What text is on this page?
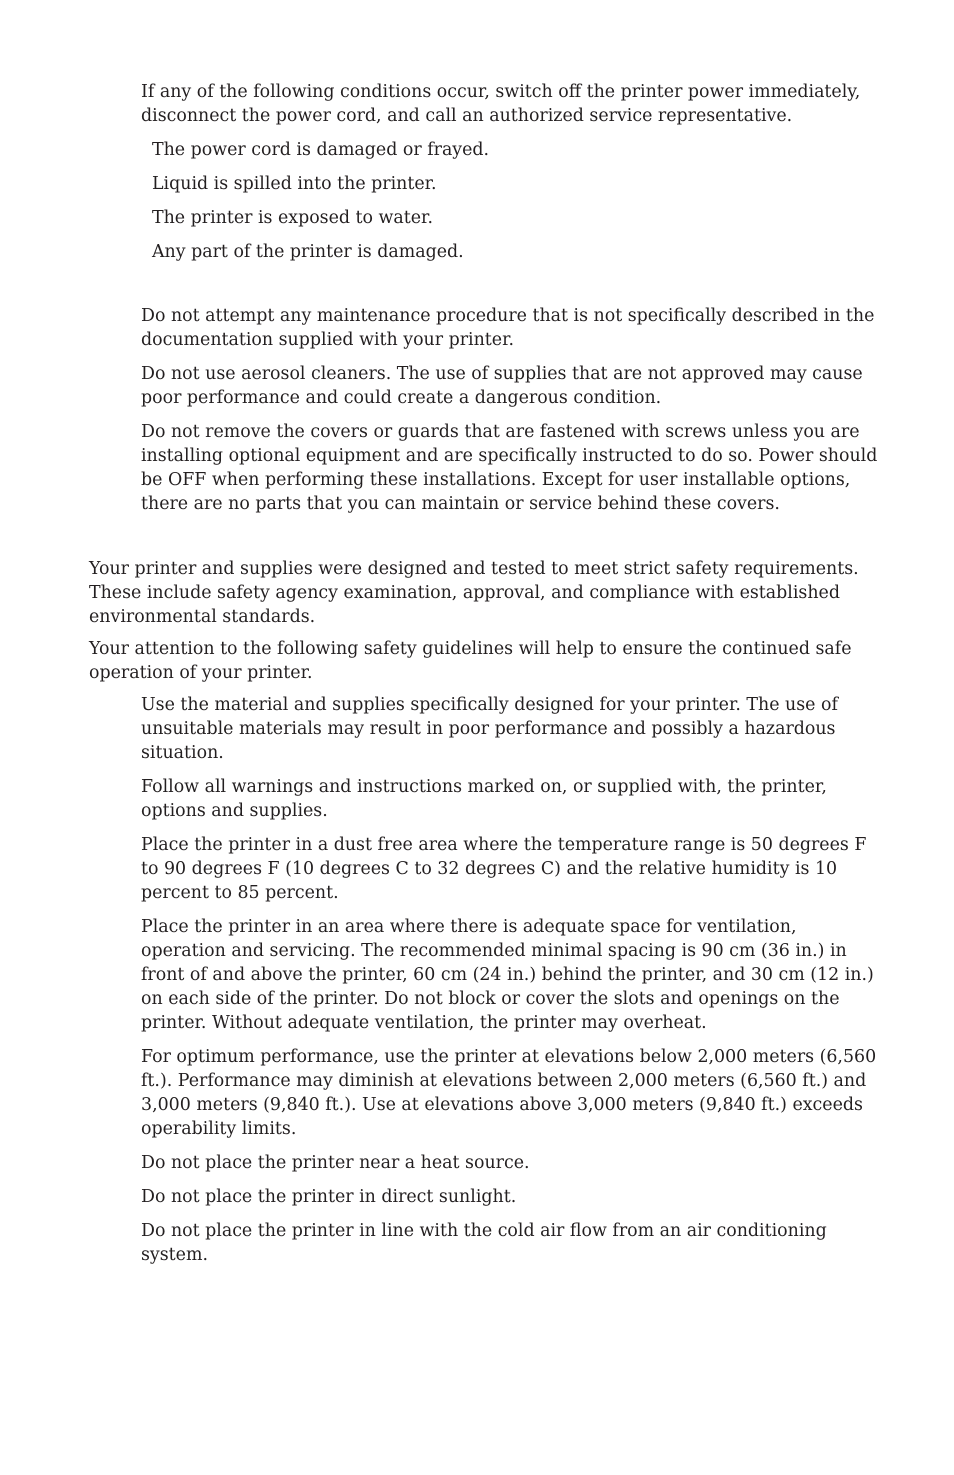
If any of the following conditions occur, switch off the printer power immediately, disconnect the power cord, and call an authorized service representative.

The power cord is damaged or frayed.

Liquid is spilled into the printer.

The printer is exposed to water.

Any part of the printer is damaged.

Do not attempt any maintenance procedure that is not specifically described in the documentation supplied with your printer.

Do not use aerosol cleaners. The use of supplies that are not approved may cause poor performance and could create a dangerous condition.

Do not remove the covers or guards that are fastened with screws unless you are installing optional equipment and are specifically instructed to do so. Power should be OFF when performing these installations. Except for user installable options, there are no parts that you can maintain or service behind these covers.

Your printer and supplies were designed and tested to meet strict safety requirements. These include safety agency examination, approval, and compliance with established environmental standards.

Your attention to the following safety guidelines will help to ensure the continued safe operation of your printer.

Use the material and supplies specifically designed for your printer. The use of unsuitable materials may result in poor performance and possibly a hazardous situation.

Follow all warnings and instructions marked on, or supplied with, the printer, options and supplies.

Place the printer in a dust free area where the temperature range is 50 degrees F to 90 degrees F (10 degrees C to 32 degrees C) and the relative humidity is 10 percent to 85 percent.

Place the printer in an area where there is adequate space for ventilation, operation and servicing. The recommended minimal spacing is 90 cm (36 in.) in front of and above the printer, 60 cm (24 in.) behind the printer, and 30 cm (12 in.) on each side of the printer. Do not block or cover the slots and openings on the printer. Without adequate ventilation, the printer may overheat.

For optimum performance, use the printer at elevations below 2,000 meters (6,560 ft.). Performance may diminish at elevations between 2,000 meters (6,560 ft.) and 3,000 meters (9,840 ft.). Use at elevations above 3,000 meters (9,840 ft.) exceeds operability limits.

Do not place the printer near a heat source.

Do not place the printer in direct sunlight.

Do not place the printer in line with the cold air flow from an air conditioning system.
